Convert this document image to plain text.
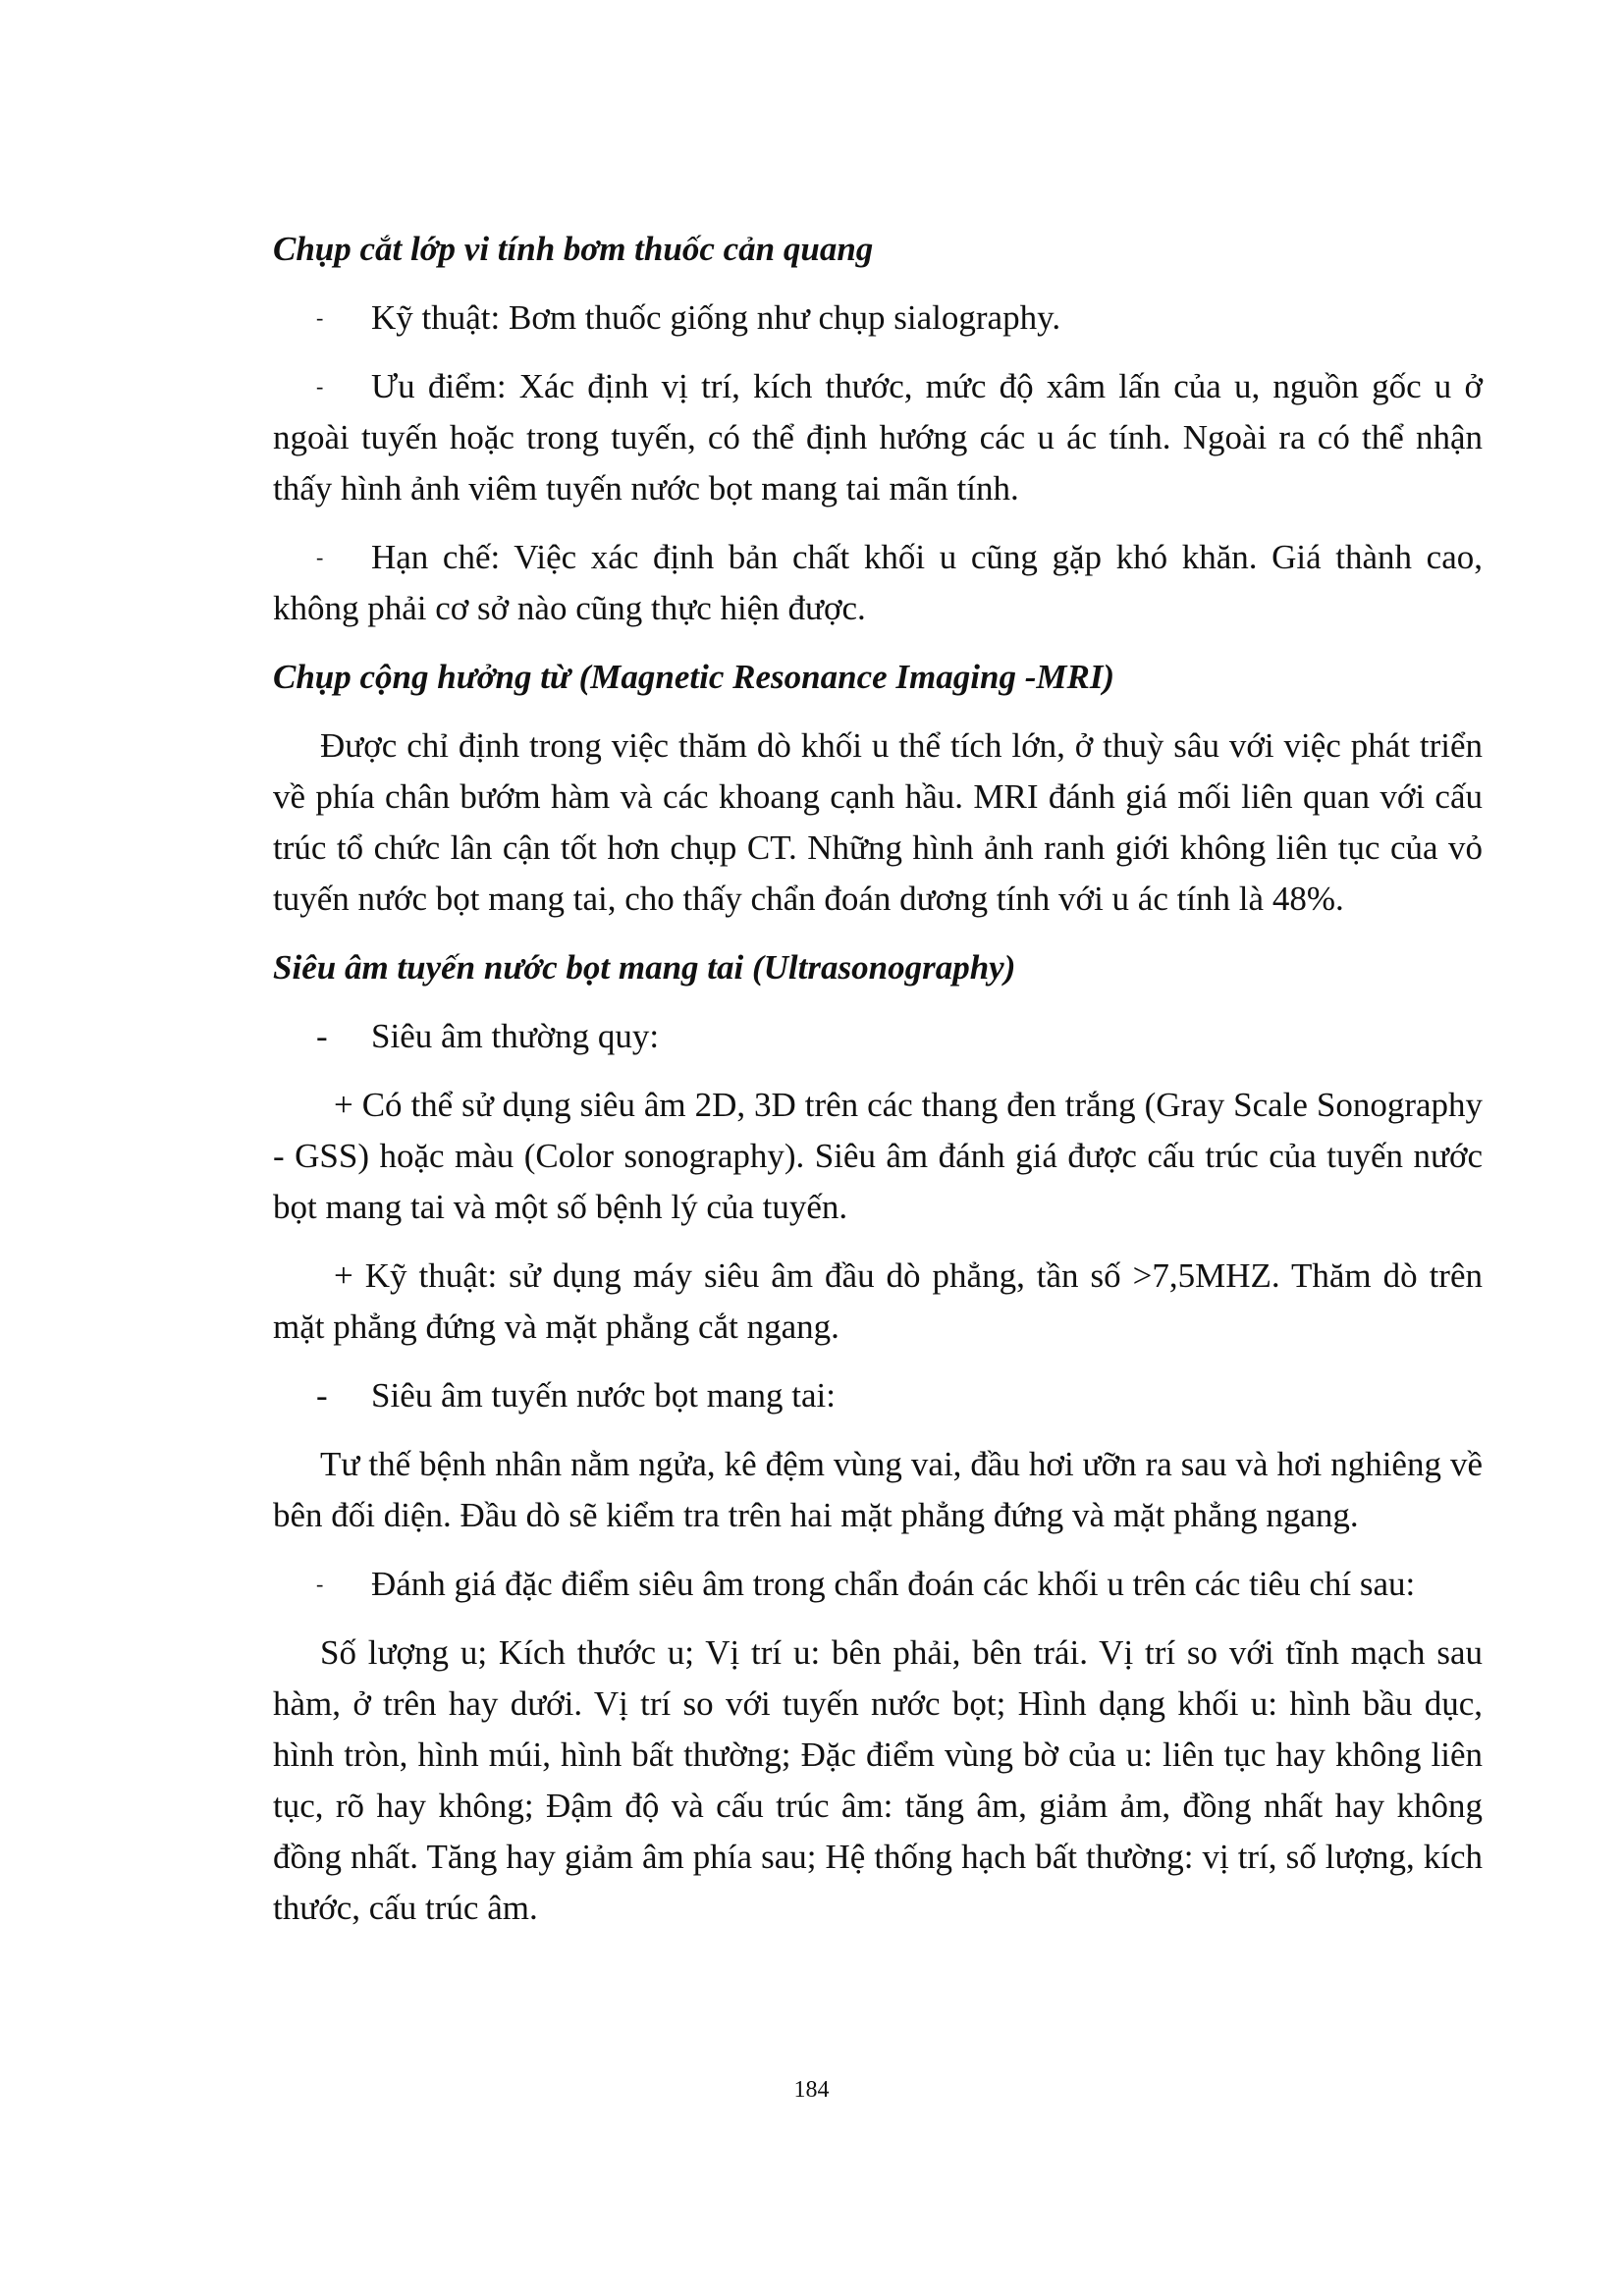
Chụp cắt lớp vi tính bơm thuốc cản quang

- Kỹ thuật: Bơm thuốc giống như chụp sialography.

- Ưu điểm: Xác định vị trí, kích thước, mức độ xâm lấn của u, nguồn gốc u ở ngoài tuyến hoặc trong tuyến, có thể định hướng các u ác tính. Ngoài ra có thể nhận thấy hình ảnh viêm tuyến nước bọt mang tai mãn tính.

- Hạn chế: Việc xác định bản chất khối u cũng gặp khó khăn. Giá thành cao, không phải cơ sở nào cũng thực hiện được.

Chụp cộng hưởng từ (Magnetic Resonance Imaging -MRI)

Được chỉ định trong việc thăm dò khối u thể tích lớn, ở thuỳ sâu với việc phát triển về phía chân bướm hàm và các khoang cạnh hầu. MRI đánh giá mối liên quan với cấu trúc tổ chức lân cận tốt hơn chụp CT. Những hình ảnh ranh giới không liên tục của vỏ tuyến nước bọt mang tai, cho thấy chẩn đoán dương tính với u ác tính là 48%.

Siêu âm tuyến nước bọt mang tai (Ultrasonography)

- Siêu âm thường quy:

+ Có thể sử dụng siêu âm 2D, 3D trên các thang đen trắng (Gray Scale Sonography - GSS) hoặc màu (Color sonography). Siêu âm đánh giá được cấu trúc của tuyến nước bọt mang tai và một số bệnh lý của tuyến.

+ Kỹ thuật: sử dụng máy siêu âm đầu dò phẳng, tần số >7,5MHZ. Thăm dò trên mặt phẳng đứng và mặt phẳng cắt ngang.

- Siêu âm tuyến nước bọt mang tai:

Tư thế bệnh nhân nằm ngửa, kê đệm vùng vai, đầu hơi ưỡn ra sau và hơi nghiêng về bên đối diện. Đầu dò sẽ kiểm tra trên hai mặt phẳng đứng và mặt phẳng ngang.

- Đánh giá đặc điểm siêu âm trong chẩn đoán các khối u trên các tiêu chí sau:

Số lượng u; Kích thước u; Vị trí u: bên phải, bên trái. Vị trí so với tĩnh mạch sau hàm, ở trên hay dưới. Vị trí so với tuyến nước bọt; Hình dạng khối u: hình bầu dục, hình tròn, hình múi, hình bất thường; Đặc điểm vùng bờ của u: liên tục hay không liên tục, rõ hay không; Đậm độ và cấu trúc âm: tăng âm, giảm ảm, đồng nhất hay không đồng nhất. Tăng hay giảm âm phía sau; Hệ thống hạch bất thường: vị trí, số lượng, kích thước, cấu trúc âm.

184
